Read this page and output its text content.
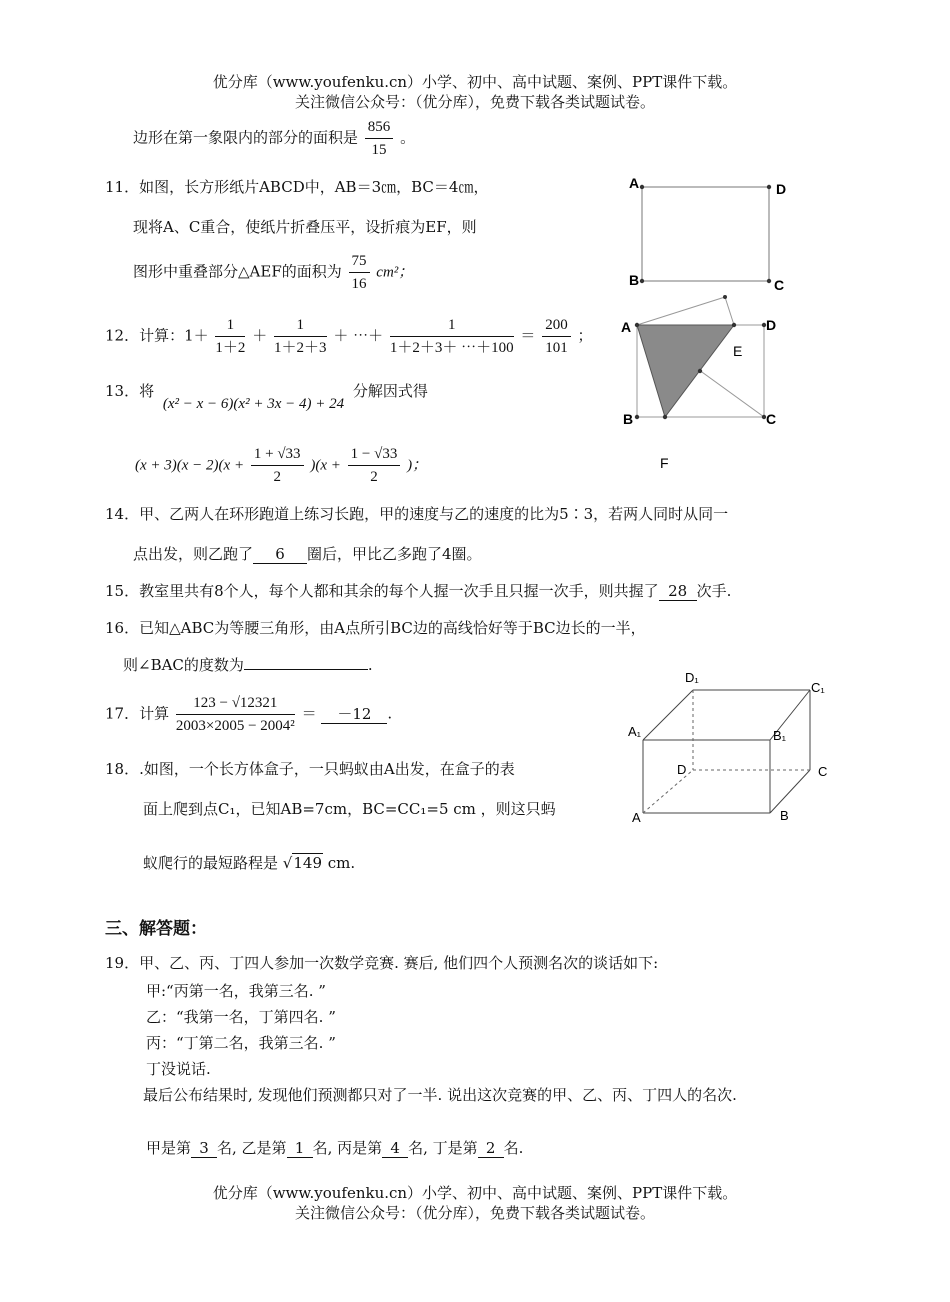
优分库（www.youfenku.cn）小学、初中、高中试题、案例、PPT课件下载。
关注微信公众号：（优分库），免费下载各类试题试卷。
边形在第一象限内的部分的面积是 $\frac{856}{15}$ 。
11．如图，长方形纸片ABCD中，AB＝3㎝，BC＝4㎝，
现将A、C重合，使纸片折叠压平，设折痕为EF，则
图形中重叠部分△AEF的面积为 $\frac{75}{16} cm^2$；
A	D
B	C
A	D
E
B	C
F
12．计算：$1+ \frac{1}{1+2} + \frac{1}{1+2+3}$ ＋ ⋯＋ $\frac{1}{1+2+3+ \cdots+100} = \frac{200}{101}$ ；
13．将 (x² − x − 6)(x² + 3x − 4) + 24 分解因式得
$(x + 3)(x - 2)(x + \frac{1 + √33}{2} )(x + \frac{1 - √33}{2}$ )；
14．甲、乙两人在环形跑道上练习长跑，甲的速度与乙的速度的比为5∶3，若两人同时从同一
点出发，则乙跑了 6 圈后，甲比乙多跑了4圈。
15．教室里共有8个人，每个人都和其余的每个人握一次手且只握一次手，则共握了 28 次手.
16．已知△ABC为等腰三角形，由A点所引BC边的高线恰好等于BC边长的一半，
则∠BAC的度数为	.
17．计算 $\frac{123 - √12321}{\text{2003×2005 − 2004²}} = -12$ .
18．.如图，一个长方体盒子，一只蚂蚁由A出发，在盒子的表
面上爬到点C₁，已知AB=7cm，BC=CC₁=5 cm ，则这只蚂
蚁爬行的最短路程是 √149 cm.
D₁
C₁
A₁	B₁
D	C
A	B
三、解答题：
19．甲、乙、丙、丁四人参加一次数学竞赛. 赛后, 他们四个人预测名次的谈话如下:
甲:“丙第一名，我第三名. ”
乙：“我第一名，丁第四名. ”
丙：“丁第二名，我第三名. ”
丁没说话.
最后公布结果时, 发现他们预测都只对了一半. 说出这次竞赛的甲、乙、丙、丁四人的名次.
甲是第 3 名, 乙是第 1 名, 丙是第 4 名, 丁是第 2 名.
优分库（www.youfenku.cn）小学、初中、高中试题、案例、PPT课件下载。
关注微信公众号：（优分库），免费下载各类试题试卷。
